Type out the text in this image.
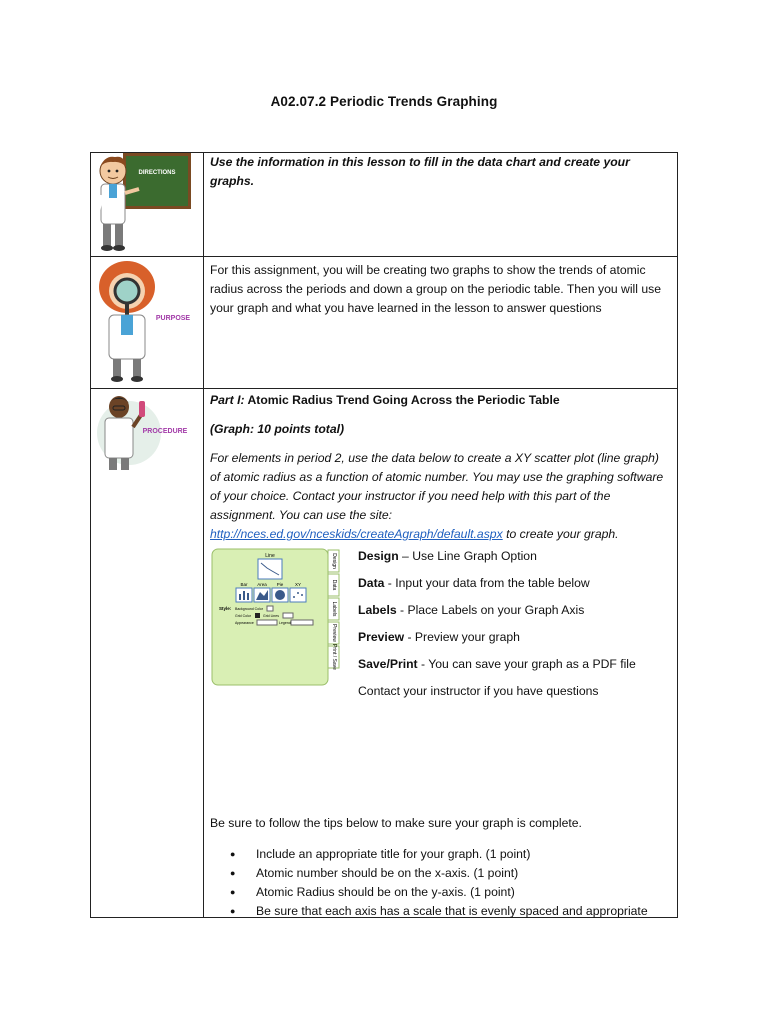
A02.07.2 Periodic Trends Graphing
DIRECTIONS
Use the information in this lesson to fill in the data chart and create your graphs.
PURPOSE
For this assignment, you will be creating two graphs to show the trends of atomic radius across the periods and down a group on the periodic table. Then you will use your graph and what you have learned in the lesson to answer questions
PROCEDURE
Part I: Atomic Radius Trend Going Across the Periodic Table
(Graph: 10 points total)
For elements in period 2, use the data below to create a XY scatter plot (line graph) of atomic radius as a function of atomic number. You may use the graphing software of your choice. Contact your instructor if you need help with this part of the assignment. You can use the site: http://nces.ed.gov/nceskids/createAgraph/default.aspx to create your graph.
Design
Data
Labels
Preview
Print / Save
Line
Bar Area Pie	XY
Style: Background Color
Grid Color	Grid Lines
Appearance	Legend
Design – Use Line Graph Option
Data - Input your data from the table below
Labels - Place Labels on your Graph Axis
Preview - Preview your graph
Save/Print - You can save your graph as a PDF file
Contact your instructor if you have questions
Be sure to follow the tips below to make sure your graph is complete.
● Include an appropriate title for your graph. (1 point)
● Atomic number should be on the x-axis. (1 point)
● Atomic Radius should be on the y-axis. (1 point)
● Be sure that each axis has a scale that is evenly spaced and appropriate
